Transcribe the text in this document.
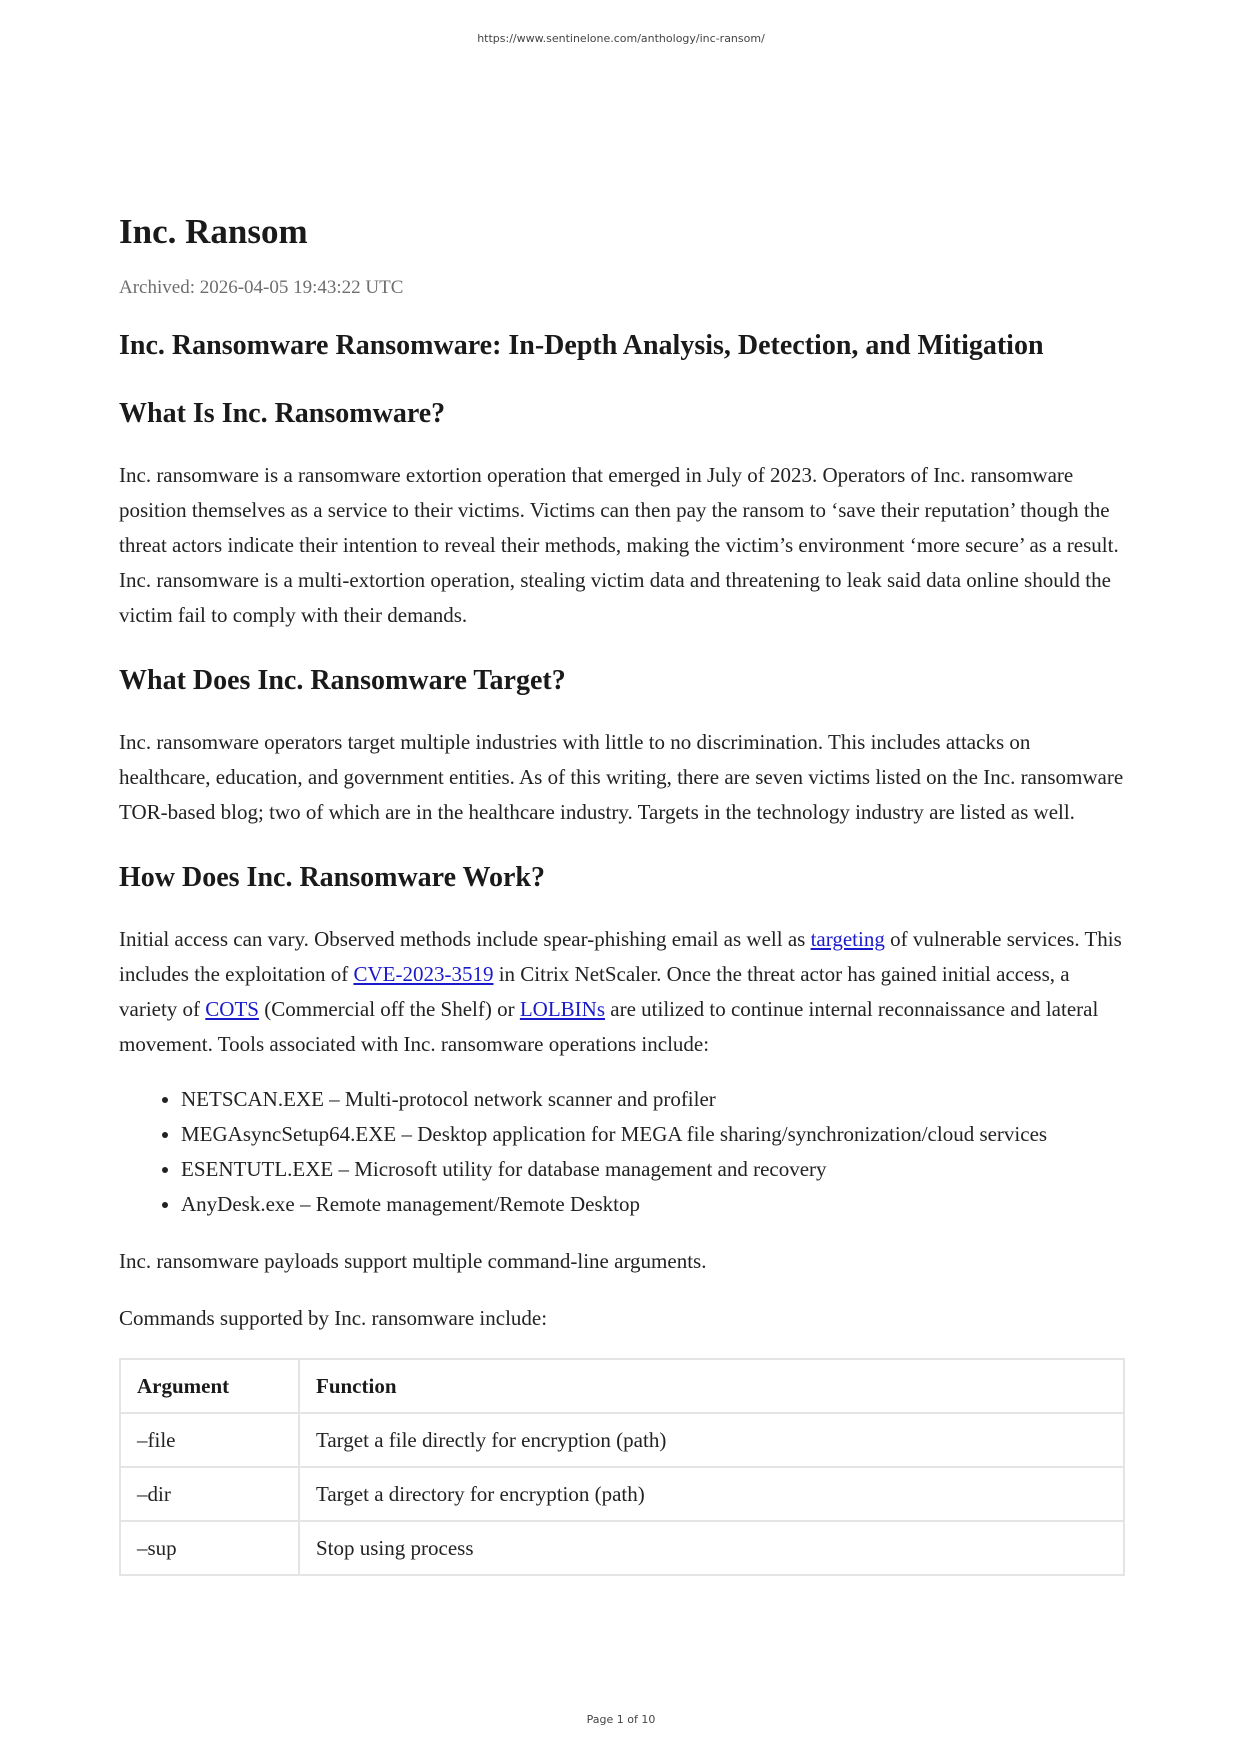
https://www.sentinelone.com/anthology/inc-ransom/
Inc. Ransom
Archived: 2026-04-05 19:43:22 UTC
Inc. Ransomware Ransomware: In-Depth Analysis, Detection, and Mitigation
What Is Inc. Ransomware?

Inc. ransomware is a ransomware extortion operation that emerged in July of 2023. Operators of Inc. ransomware position themselves as a service to their victims. Victims can then pay the ransom to ‘save their reputation’ though the threat actors indicate their intention to reveal their methods, making the victim’s environment ‘more secure’ as a result. Inc. ransomware is a multi-extortion operation, stealing victim data and threatening to leak said data online should the victim fail to comply with their demands.

What Does Inc. Ransomware Target?

Inc. ransomware operators target multiple industries with little to no discrimination. This includes attacks on healthcare, education, and government entities. As of this writing, there are seven victims listed on the Inc. ransomware TOR-based blog; two of which are in the healthcare industry. Targets in the technology industry are listed as well.

How Does Inc. Ransomware Work?

Initial access can vary. Observed methods include spear-phishing email as well as targeting of vulnerable services. This includes the exploitation of CVE-2023-3519 in Citrix NetScaler. Once the threat actor has gained initial access, a variety of COTS (Commercial off the Shelf) or LOLBINs are utilized to continue internal reconnaissance and lateral movement. Tools associated with Inc. ransomware operations include:

• NETSCAN.EXE – Multi-protocol network scanner and profiler
• MEGAsyncSetup64.EXE – Desktop application for MEGA file sharing/synchronization/cloud services
• ESENTUTL.EXE – Microsoft utility for database management and recovery
• AnyDesk.exe – Remote management/Remote Desktop

Inc. ransomware payloads support multiple command-line arguments.

Commands supported by Inc. ransomware include:

Argument	Function
–file	Target a file directly for encryption (path)
–dir	Target a directory for encryption (path)
–sup	Stop using process
Page 1 of 10
